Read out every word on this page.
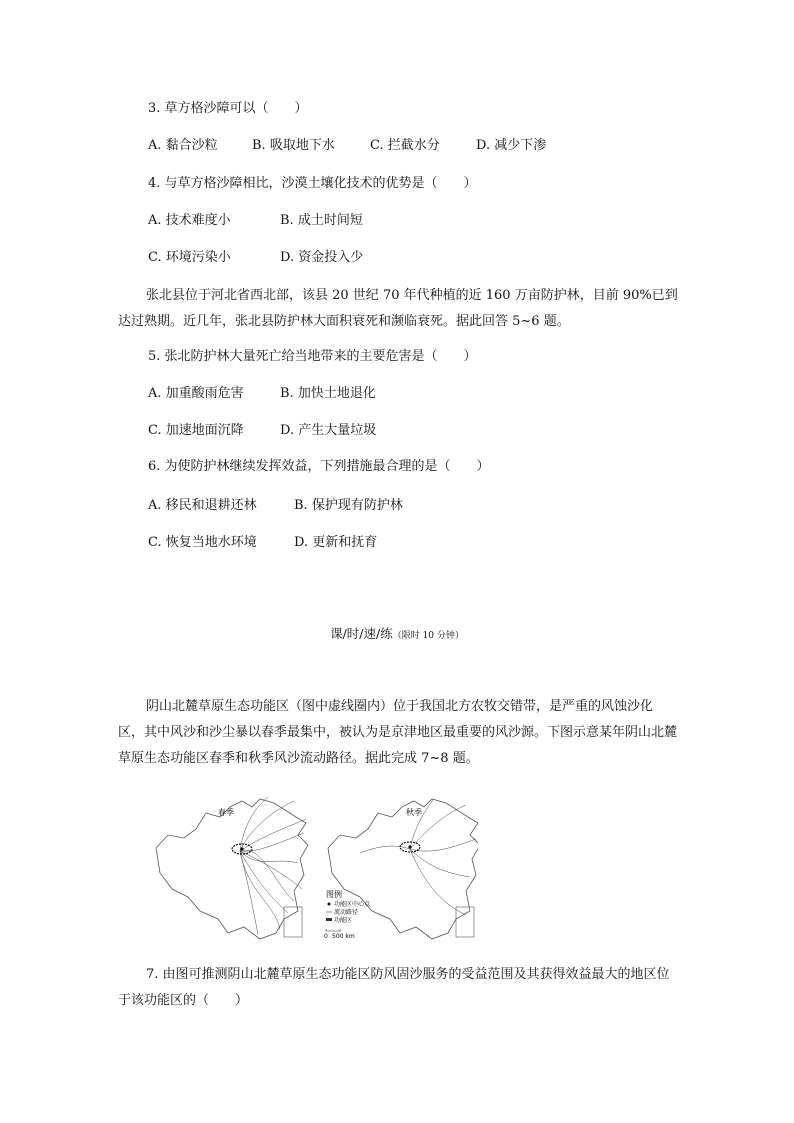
3. 草方格沙障可以（　　）
A. 黏合沙粒	B. 吸取地下水	C. 拦截水分	D. 减少下渗
4. 与草方格沙障相比，沙漠土壤化技术的优势是（　　）
A. 技术难度小	B. 成土时间短
C. 环境污染小	D. 资金投入少
张北县位于河北省西北部，该县 20 世纪 70 年代种植的近 160 万亩防护林，目前 90%已到达过熟期。近几年，张北县防护林大面积衰死和濒临衰死。据此回答 5~6 题。
5. 张北防护林大量死亡给当地带来的主要危害是（　　）
A. 加重酸雨危害	B. 加快土地退化
C. 加速地面沉降	D. 产生大量垃圾
6. 为使防护林继续发挥效益，下列措施最合理的是（　　）
A. 移民和退耕还林	B. 保护现有防护林
C. 恢复当地水环境	D. 更新和抚育
课/时/速/练（限时 10 分钟）
阴山北麓草原生态功能区（图中虚线圈内）位于我国北方农牧交错带，是严重的风蚀沙化区，其中风沙和沙尘暴以春季最集中，被认为是京津地区最重要的风沙源。下图示意某年阴山北麓草原生态功能区春季和秋季风沙流动路径。据此完成 7~8 题。
春季	秋季
图例
功能区中心点
流动路径
功能区
0 500 km
7. 由图可推测阴山北麓草原生态功能区防风固沙服务的受益范围及其获得效益最大的地区位于该功能区的（　　）
